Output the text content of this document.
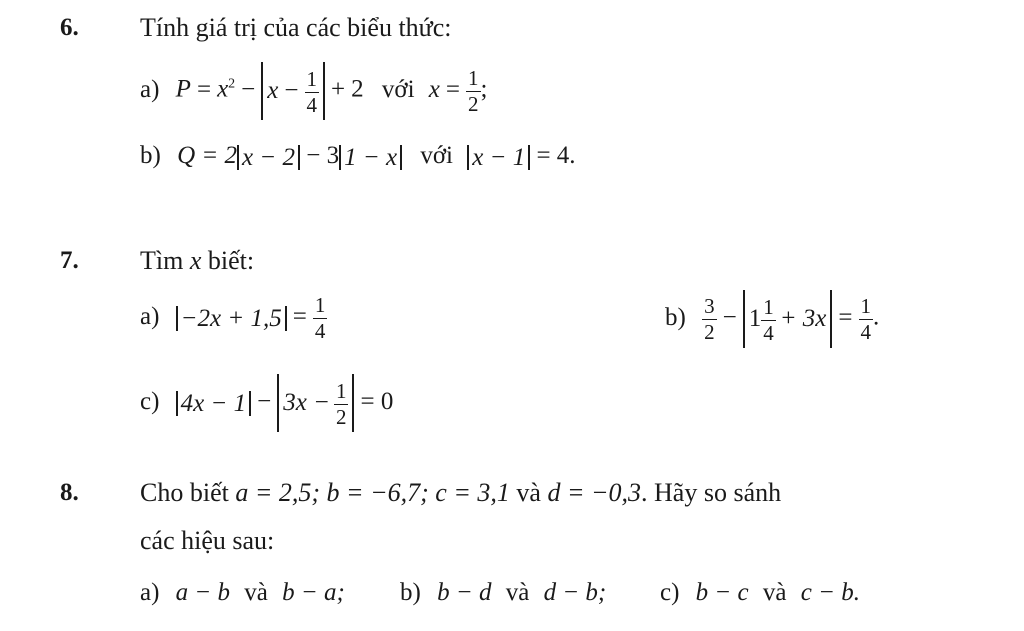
6. Tính giá trị của các biểu thức:
a) $P = x^2 - x - \frac{1}{4} + 2$ với $x = \frac{1}{2}$ ;
b) Q = 2 x − 2 − 3 1 − x với x − 1 = 4.
7. Tìm x biết:
$a) -2x + 1,5 = \frac{1}{4}$	$b) \frac{3}{2} - 1 \frac{1}{4} + 3x = \frac{1}{4}$ .
c) $4x - 1 - 3x - \frac{1}{2} = 0$
8. Cho biết a = 2,5; b = −6,7; c = 3,1 và d = −0,3. Hãy so sánh
các hiệu sau:
a) a − b và b − a; b) b − d và d − b; c) b − c và c − b.
